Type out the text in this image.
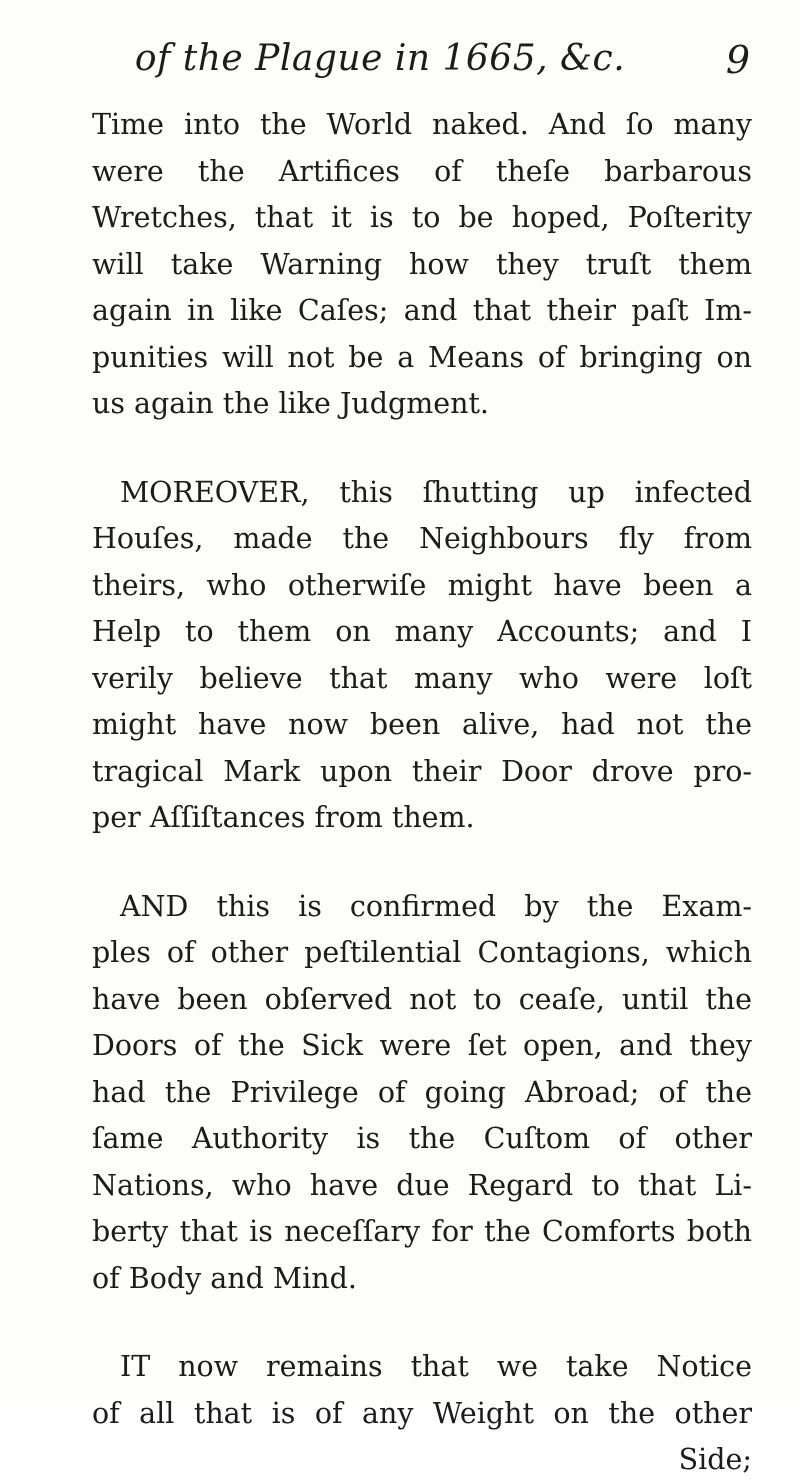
of the Plague in 1665, &c.	9
Time into the World naked. And ſo many
were the Artifices of theſe barbarous
Wretches, that it is to be hoped, Poſterity
will take Warning how they truſt them
again in like Caſes; and that their paſt Im-
punities will not be a Means of bringing on
us again the like Judgment.
MOREOVER, this ſhutting up infected
Houſes, made the Neighbours fly from
theirs, who otherwiſe might have been a
Help to them on many Accounts; and I
verily believe that many who were loſt
might have now been alive, had not the
tragical Mark upon their Door drove pro-
per Aſſiſtances from them.
AND this is confirmed by the Exam-
ples of other peſtilential Contagions, which
have been obſerved not to ceaſe, until the
Doors of the Sick were ſet open, and they
had the Privilege of going Abroad; of the
ſame Authority is the Cuſtom of other
Nations, who have due Regard to that Li-
berty that is neceſſary for the Comforts both
of Body and Mind.
IT now remains that we take Notice
of all that is of any Weight on the other
Side;
